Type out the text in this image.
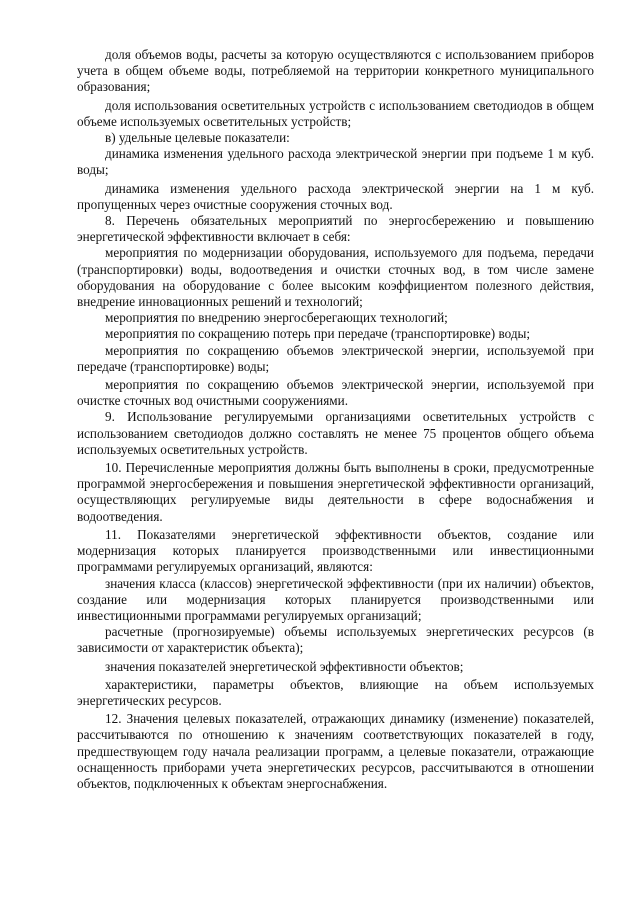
доля объемов воды, расчеты за которую осуществляются с использованием приборов учета в общем объеме воды, потребляемой на территории конкретного муниципального образования;

доля использования осветительных устройств с использованием светодиодов в общем объеме используемых осветительных устройств;

в) удельные целевые показатели:

динамика изменения удельного расхода электрической энергии при подъеме 1 м куб. воды;

динамика изменения удельного расхода электрической энергии на 1 м куб. пропущенных через очистные сооружения сточных вод.

8. Перечень обязательных мероприятий по энергосбережению и повышению энергетической эффективности включает в себя:

мероприятия по модернизации оборудования, используемого для подъема, передачи (транспортировки) воды, водоотведения и очистки сточных вод, в том числе замене оборудования на оборудование с более высоким коэффициентом полезного действия, внедрение инновационных решений и технологий;

мероприятия по внедрению энергосберегающих технологий;

мероприятия по сокращению потерь при передаче (транспортировке) воды;

мероприятия по сокращению объемов электрической энергии, используемой при передаче (транспортировке) воды;

мероприятия по сокращению объемов электрической энергии, используемой при очистке сточных вод очистными сооружениями.

9. Использование регулируемыми организациями осветительных устройств с использованием светодиодов должно составлять не менее 75 процентов общего объема используемых осветительных устройств.

10. Перечисленные мероприятия должны быть выполнены в сроки, предусмотренные программой энергосбережения и повышения энергетической эффективности организаций, осуществляющих регулируемые виды деятельности в сфере водоснабжения и водоотведения.

11. Показателями энергетической эффективности объектов, создание или модернизация которых планируется производственными или инвестиционными программами регулируемых организаций, являются:

значения класса (классов) энергетической эффективности (при их наличии) объектов, создание или модернизация которых планируется производственными или инвестиционными программами регулируемых организаций;

расчетные (прогнозируемые) объемы используемых энергетических ресурсов (в зависимости от характеристик объекта);

значения показателей энергетической эффективности объектов;

характеристики, параметры объектов, влияющие на объем используемых энергетических ресурсов.

12. Значения целевых показателей, отражающих динамику (изменение) показателей, рассчитываются по отношению к значениям соответствующих показателей в году, предшествующем году начала реализации программ, а целевые показатели, отражающие оснащенность приборами учета энергетических ресурсов, рассчитываются в отношении объектов, подключенных к объектам энергоснабжения.
